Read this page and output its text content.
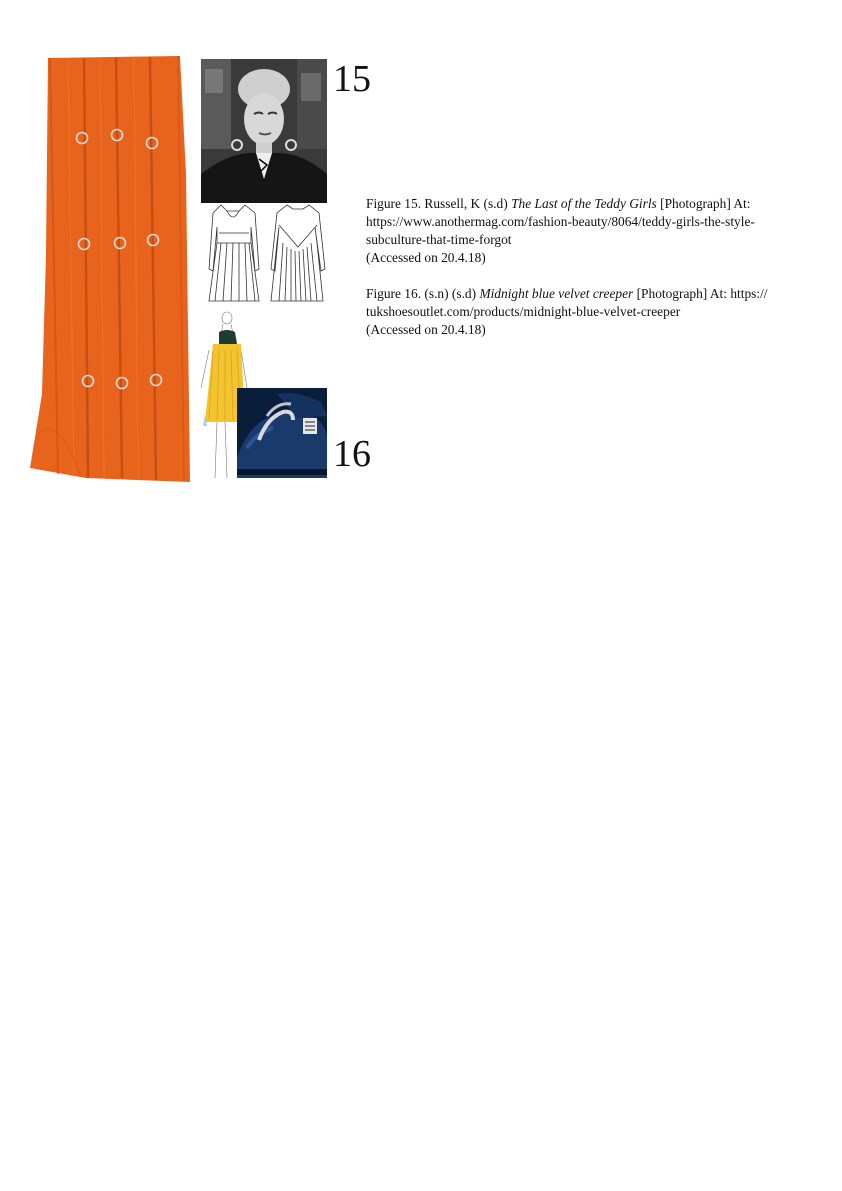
15
16

Figure 15. Russell, K (s.d) The Last of the Teddy Girls [Photograph] At:

https://www.anothermag.com/fashion-beauty/8064/teddy-girls-the-style-

subculture-that-time-forgot

(Accessed on 20.4.18)

Figure 16. (s.n) (s.d) Midnight blue velvet creeper [Photograph] At: https://

tukshoesoutlet.com/products/midnight-blue-velvet-creeper

(Accessed on 20.4.18)
